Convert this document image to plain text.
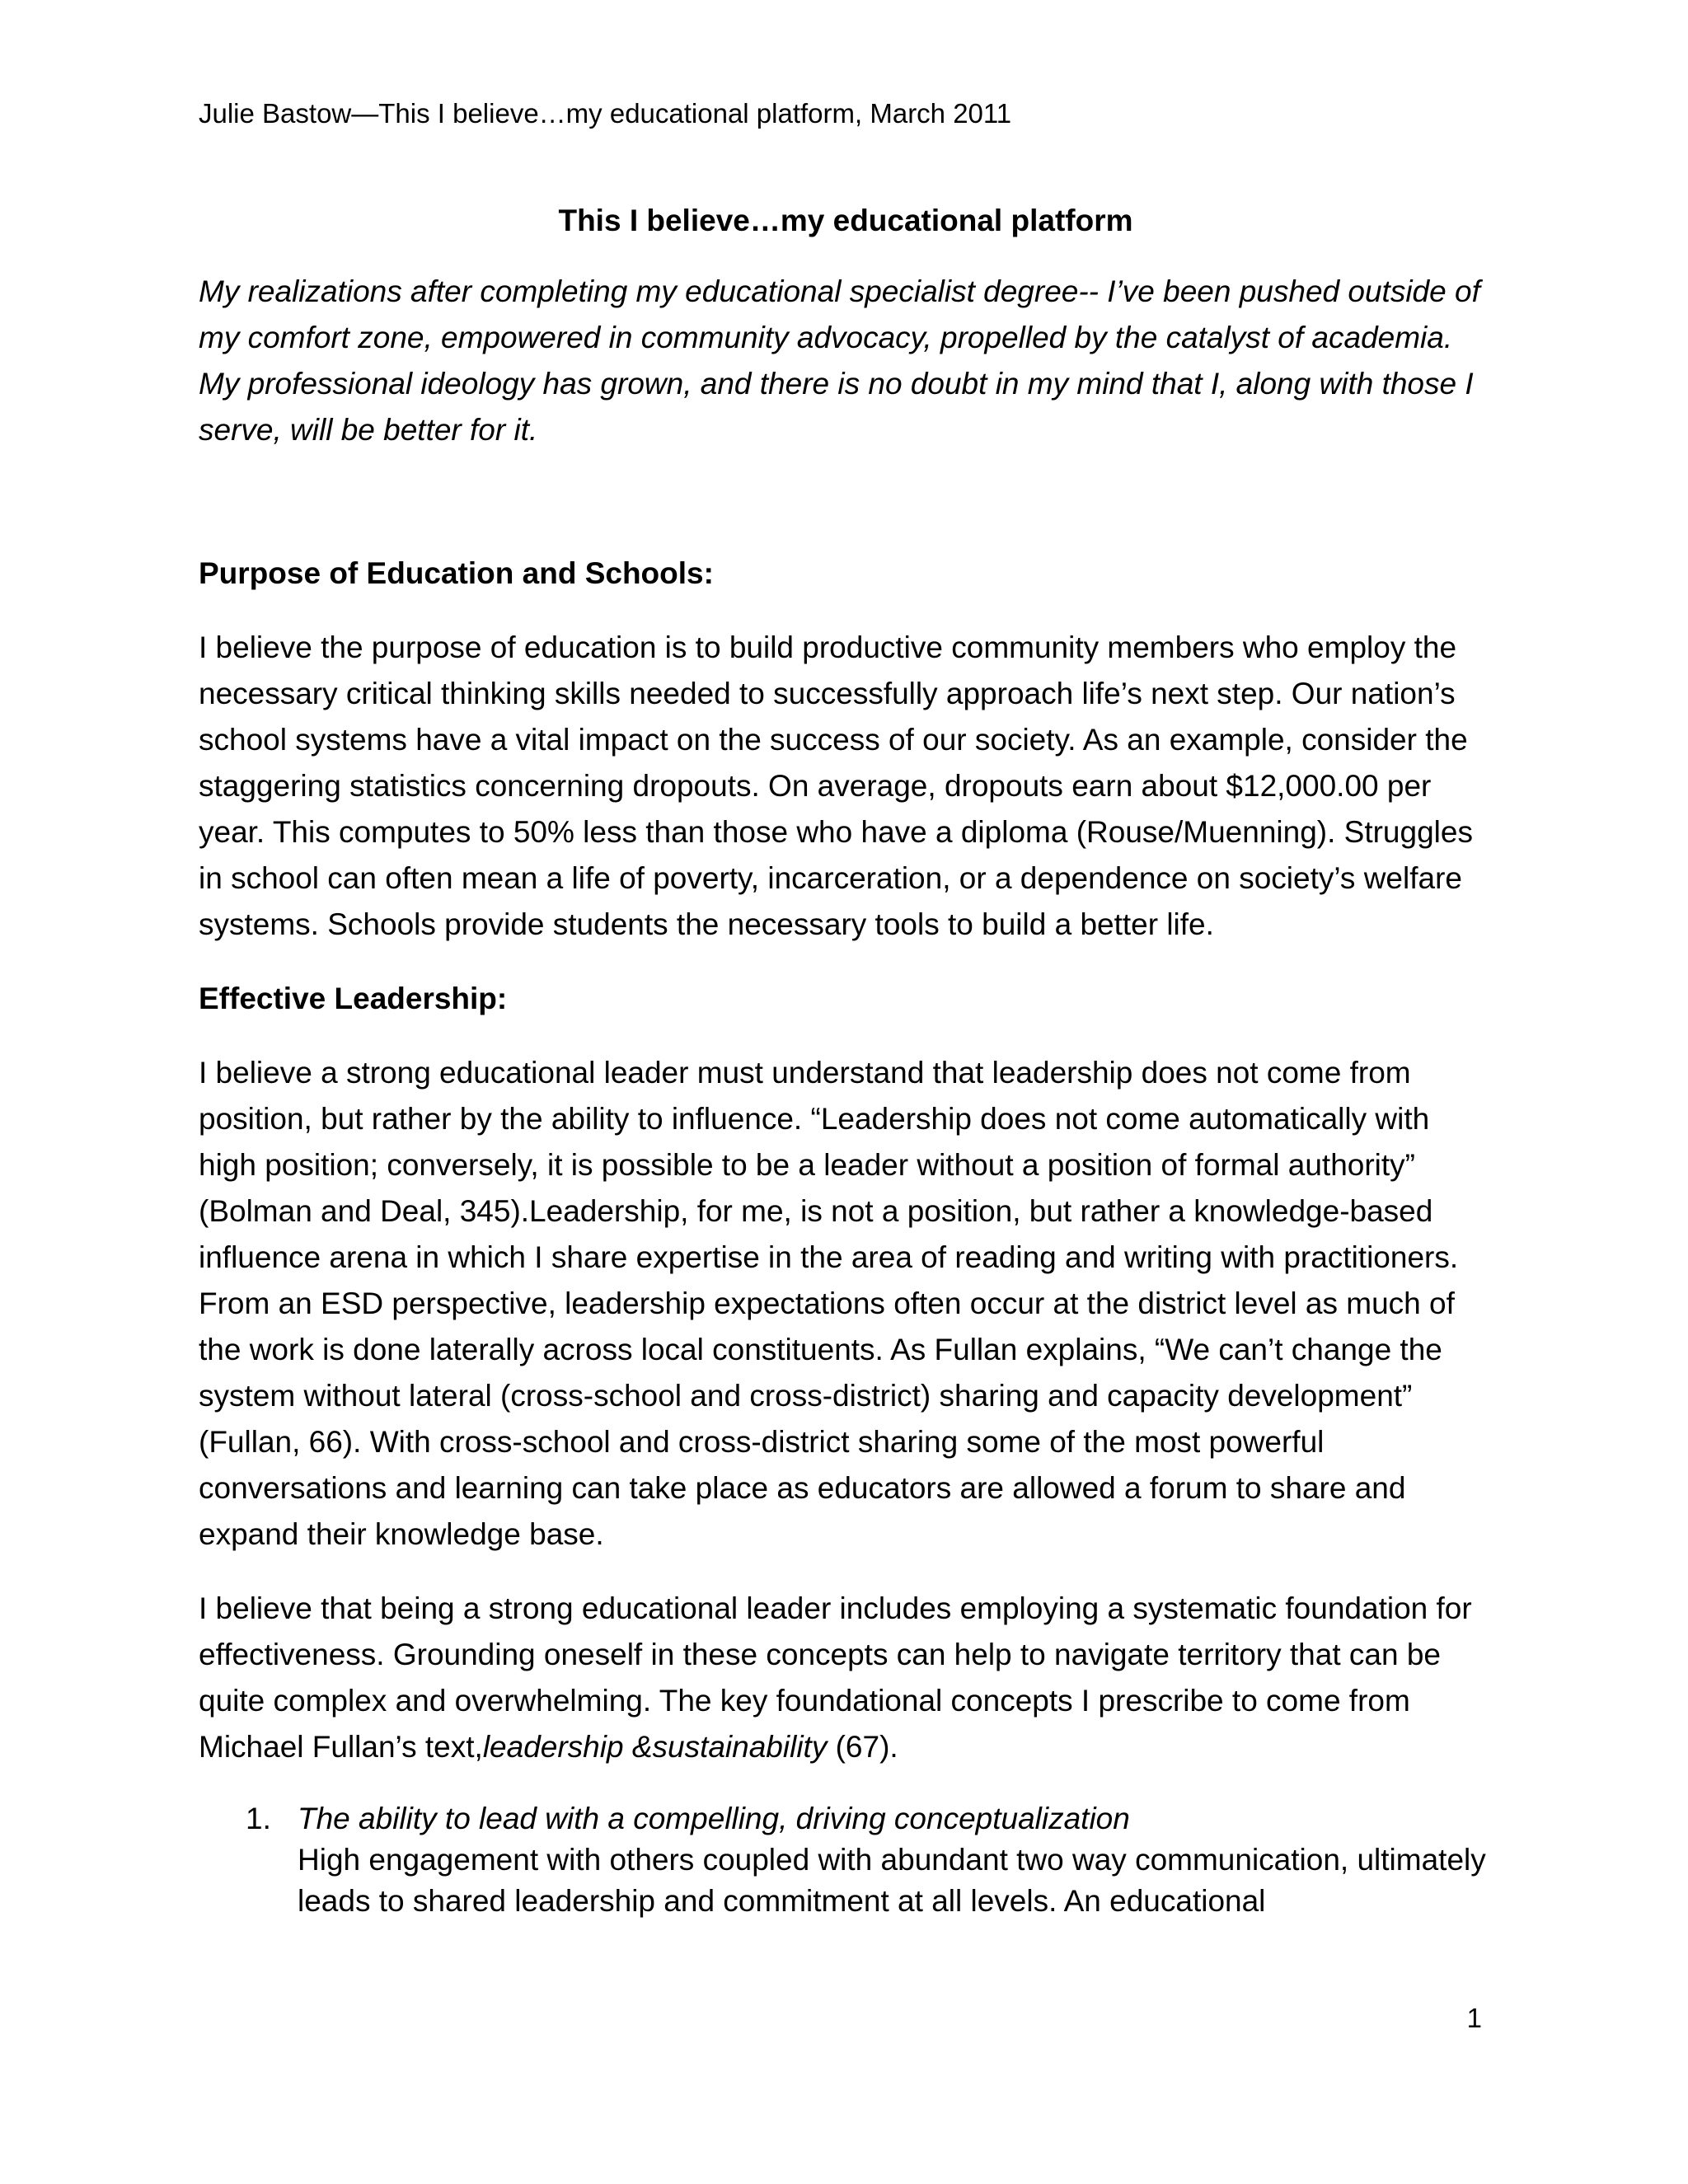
Julie Bastow—This I believe…my educational platform, March 2011
This I believe…my educational platform

My realizations after completing my educational specialist degree-- I’ve been pushed outside of my comfort zone, empowered in community advocacy, propelled by the catalyst of academia. My professional ideology has grown, and there is no doubt in my mind that I, along with those I serve, will be better for it.

Purpose of Education and Schools:

I believe the purpose of education is to build productive community members who employ the necessary critical thinking skills needed to successfully approach life’s next step. Our nation’s school systems have a vital impact on the success of our society. As an example, consider the staggering statistics concerning dropouts. On average, dropouts earn about $12,000.00 per year. This computes to 50% less than those who have a diploma (Rouse/Muenning). Struggles in school can often mean a life of poverty, incarceration, or a dependence on society’s welfare systems. Schools provide students the necessary tools to build a better life.

Effective Leadership:

I believe a strong educational leader must understand that leadership does not come from position, but rather by the ability to influence. “Leadership does not come automatically with high position; conversely, it is possible to be a leader without a position of formal authority” (Bolman and Deal, 345).Leadership, for me, is not a position, but rather a knowledge-based influence arena in which I share expertise in the area of reading and writing with practitioners. From an ESD perspective, leadership expectations often occur at the district level as much of the work is done laterally across local constituents. As Fullan explains, “We can’t change the system without lateral (cross-school and cross-district) sharing and capacity development” (Fullan, 66). With cross-school and cross-district sharing some of the most powerful conversations and learning can take place as educators are allowed a forum to share and expand their knowledge base.

I believe that being a strong educational leader includes employing a systematic foundation for effectiveness. Grounding oneself in these concepts can help to navigate territory that can be quite complex and overwhelming. The key foundational concepts I prescribe to come from Michael Fullan’s text,leadership &sustainability (67).

1. The ability to lead with a compelling, driving conceptualization
High engagement with others coupled with abundant two way communication, ultimately leads to shared leadership and commitment at all levels. An educational
1
